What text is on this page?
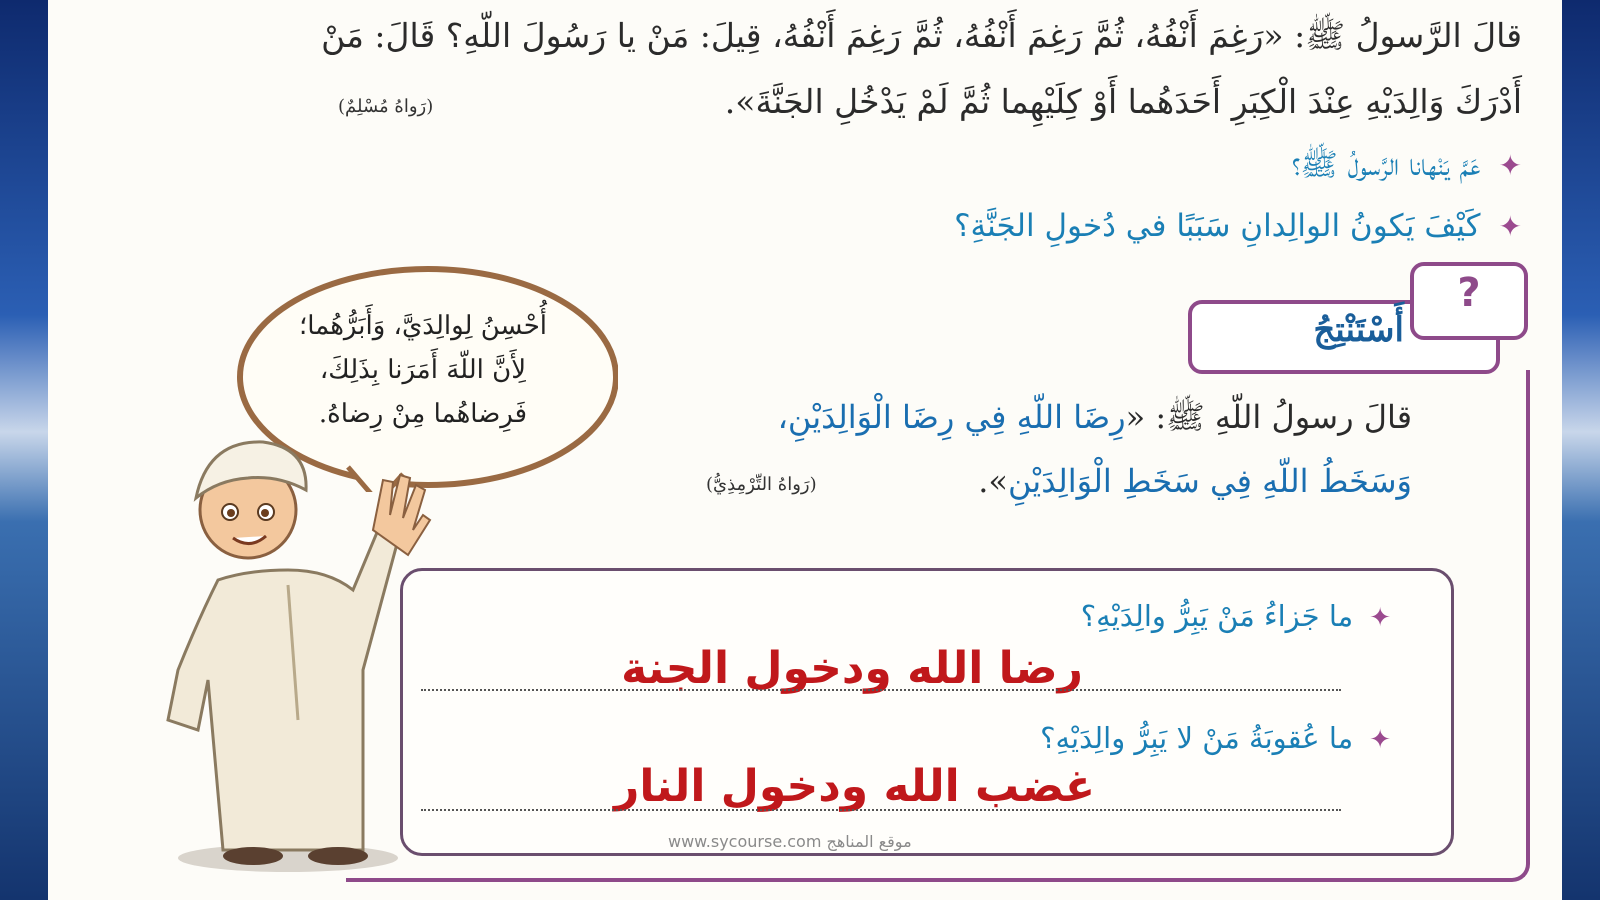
قالَ الرَّسولُ ﷺ: «رَغِمَ أَنْفُهُ، ثُمَّ رَغِمَ أَنْفُهُ، ثُمَّ رَغِمَ أَنْفُهُ، قِيلَ: مَنْ يا رَسُولَ اللّهِ؟ قَالَ: مَنْ
أَدْرَكَ وَالِدَيْهِ عِنْدَ الْكِبَرِ أَحَدَهُما أَوْ كِلَيْهِما ثُمَّ لَمْ يَدْخُلِ الجَنَّةَ».
(رَواهُ مُسْلِمٌ)
✦عَمَّ يَنْهانا الرَّسولُ ﷺ؟
✦كَيْفَ يَكونُ الوالِدانِ سَبَبًا في دُخولِ الجَنَّةِ؟
أَسْتَنْتِجُ
?
قالَ رسولُ اللّهِ ﷺ: «رِضَا اللّهِ فِي رِضَا الْوَالِدَيْنِ،
وَسَخَطُ اللّهِ فِي سَخَطِ الْوَالِدَيْنِ».
(رَواهُ التِّرْمِذِيُّ)
✦ما جَزاءُ مَنْ يَبِرُّ والِدَيْهِ؟
رضا الله ودخول الجنة
✦ما عُقوبَةُ مَنْ لا يَبِرُّ والِدَيْهِ؟
غضب الله ودخول النار
موقع المناهج www.sycourse.com
أُحْسِنُ لِوالِدَيَّ، وَأَبَرُّهُما؛
لِأَنَّ اللّهَ أَمَرَنا بِذَلِكَ،
فَرِضاهُما مِنْ رِضاهُ.
